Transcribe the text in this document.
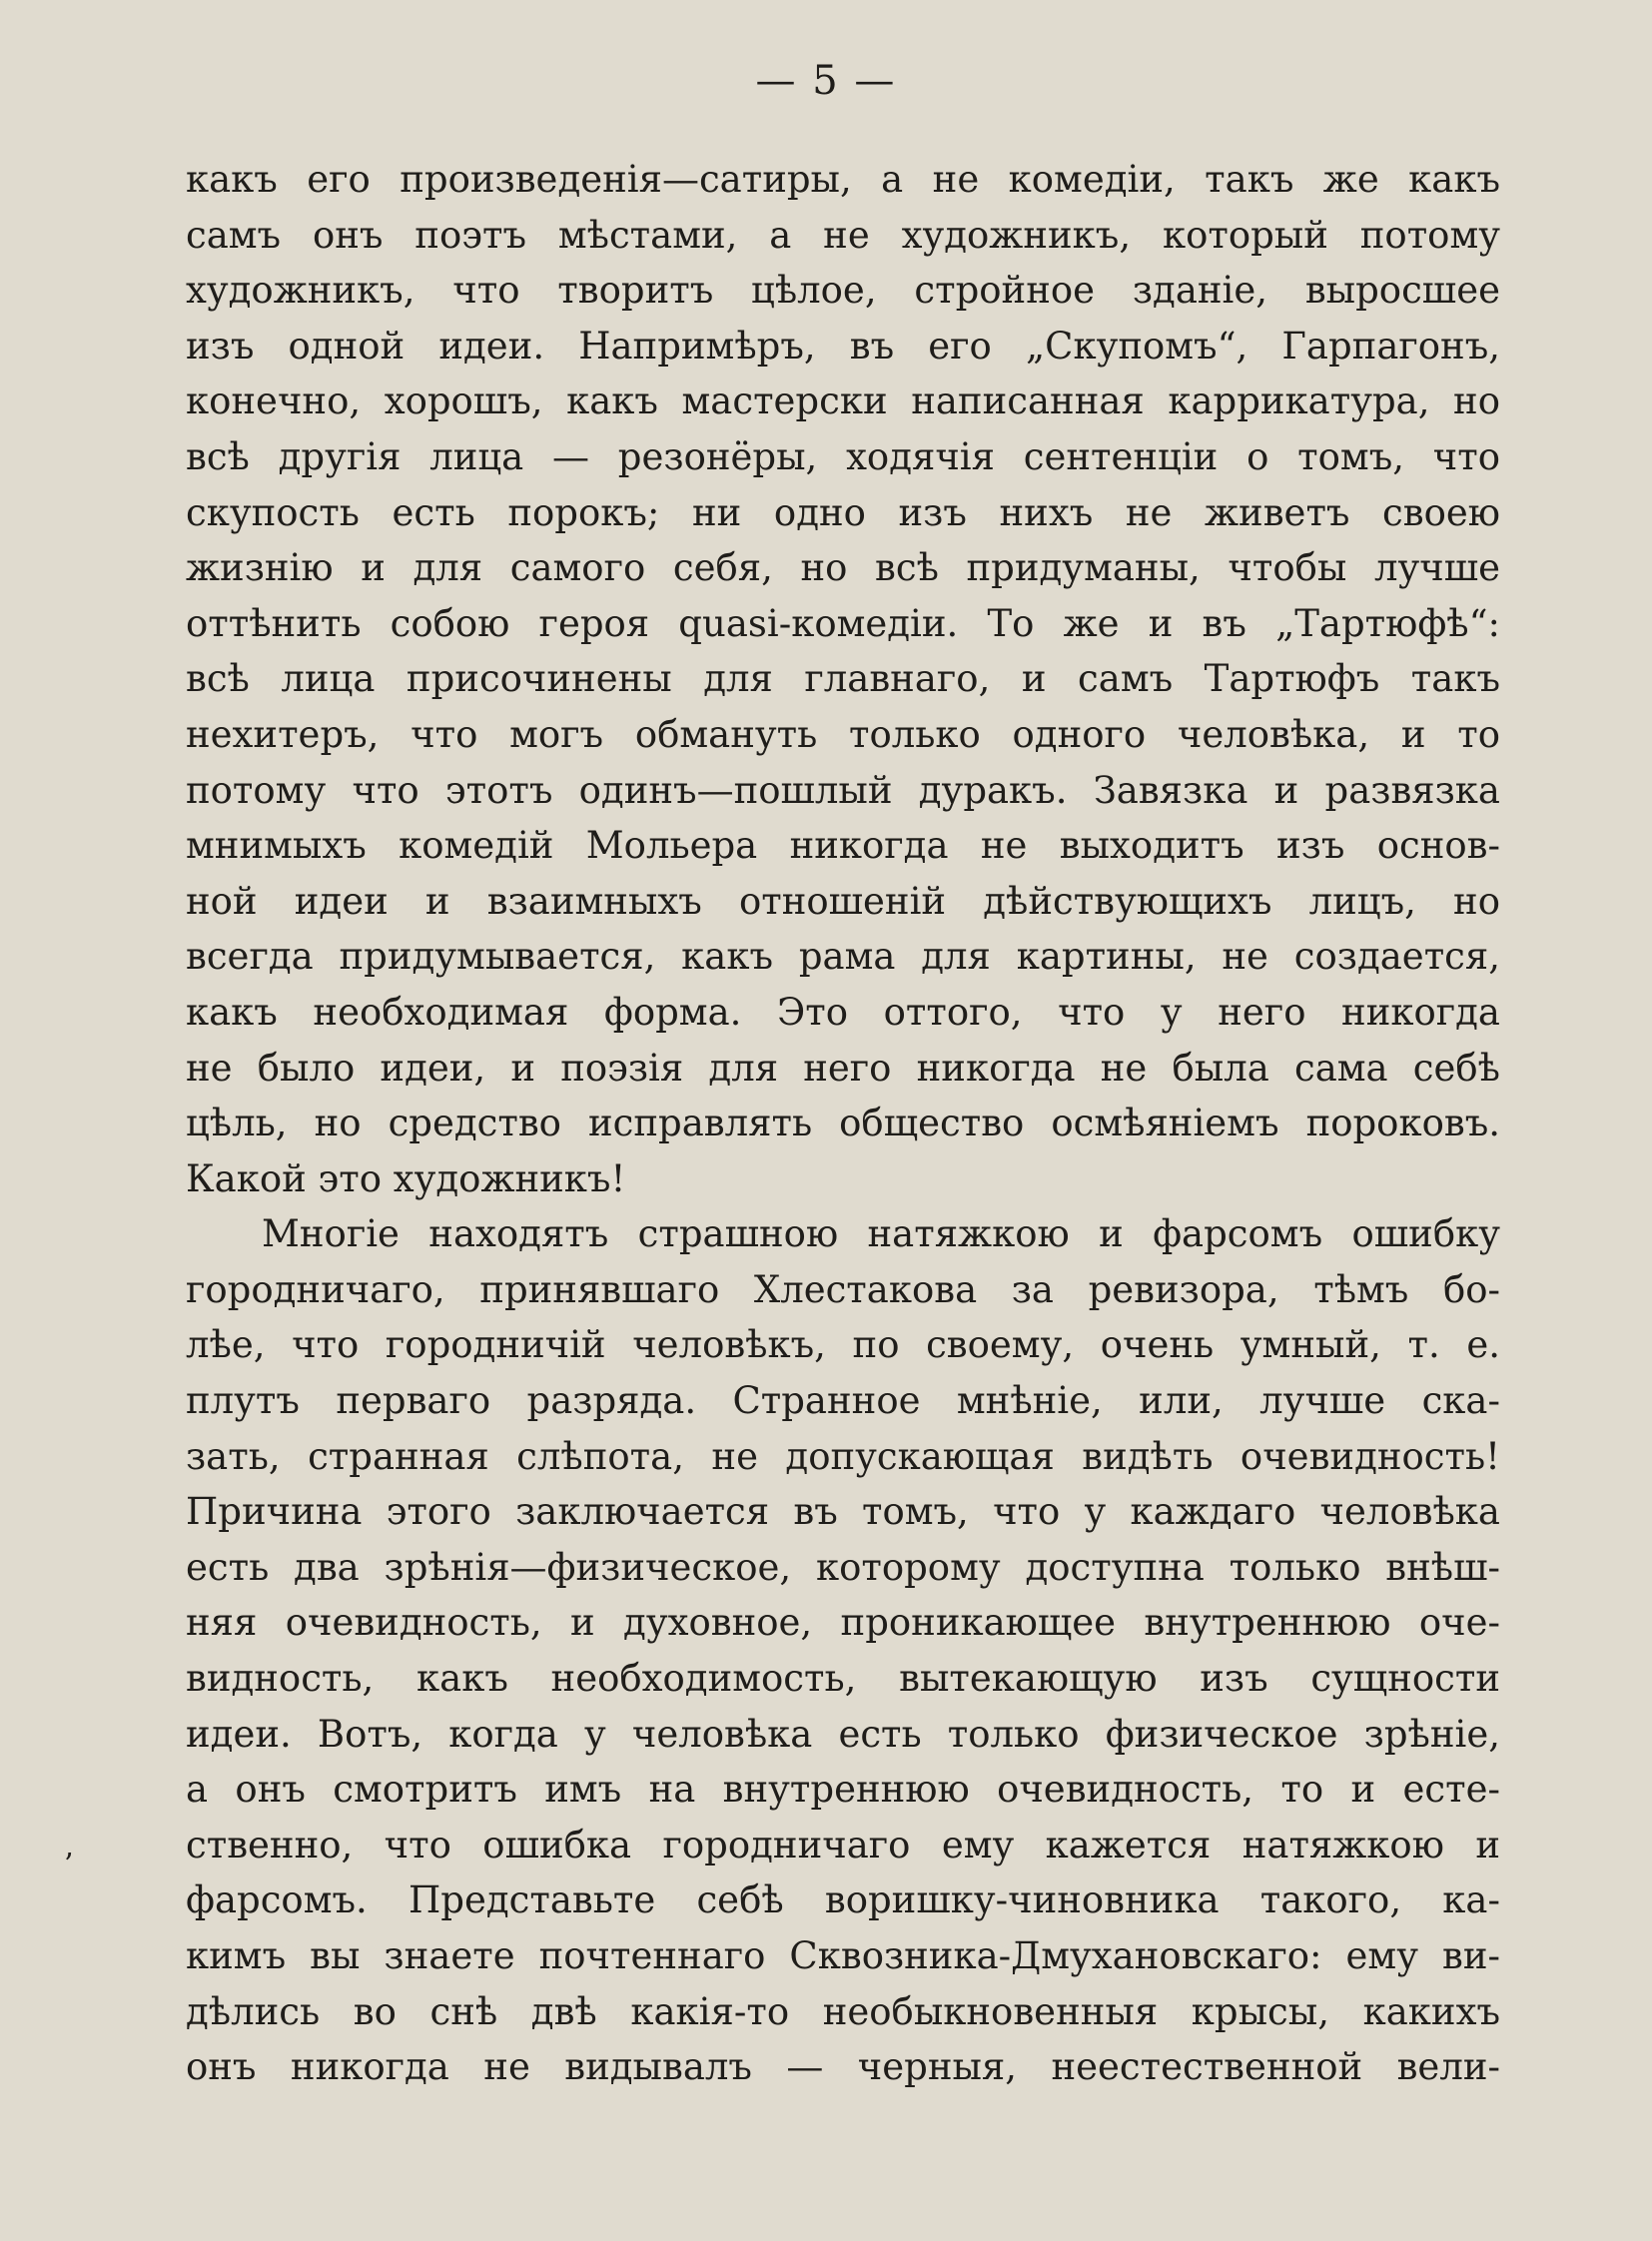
— 5 —
какъ его произведенія—сатиры, а не комедіи, такъ же какъ
самъ онъ поэтъ мѣстами, а не художникъ, который потому
художникъ, что творитъ цѣлое, стройное зданіе, выросшее
изъ одной идеи. Напримѣръ, въ его „Скупомъ“, Гарпагонъ,
конечно, хорошъ, какъ мастерски написанная каррикатура, но
всѣ другія лица — резонёры, ходячія сентенціи о томъ, что
скупость есть порокъ; ни одно изъ нихъ не живетъ своею
жизнію и для самого себя, но всѣ придуманы, чтобы лучше
оттѣнить собою героя quasi-комедіи. То же и въ „Тартюфѣ“:
всѣ лица присочинены для главнаго, и самъ Тартюфъ такъ
нехитеръ, что могъ обмануть только одного человѣка, и то
потому что этотъ одинъ—пошлый дуракъ. Завязка и развязка
мнимыхъ комедій Мольера никогда не выходитъ изъ основ-
ной идеи и взаимныхъ отношеній дѣйствующихъ лицъ, но
всегда придумывается, какъ рама для картины, не создается,
какъ необходимая форма. Это оттого, что у него никогда
не было идеи, и поэзія для него никогда не была сама себѣ
цѣль, но средство исправлять общество осмѣяніемъ пороковъ.
Какой это художникъ!
Многіе находятъ страшною натяжкою и фарсомъ ошибку
городничаго, принявшаго Хлестакова за ревизора, тѣмъ бо-
лѣе, что городничій человѣкъ, по своему, очень умный, т. е.
плутъ перваго разряда. Странное мнѣніе, или, лучше ска-
зать, странная слѣпота, не допускающая видѣть очевидность!
Причина этого заключается въ томъ, что у каждаго человѣка
есть два зрѣнія—физическое, которому доступна только внѣш-
няя очевидность, и духовное, проникающее внутреннюю оче-
видность, какъ необходимость, вытекающую изъ сущности
идеи. Вотъ, когда у человѣка есть только физическое зрѣніе,
а онъ смотритъ имъ на внутреннюю очевидность, то и есте-
ственно, что ошибка городничаго ему кажется натяжкою и
фарсомъ. Представьте себѣ воришку-чиновника такого, ка-
кимъ вы знаете почтеннаго Сквозника-Дмухановскаго: ему ви-
дѣлись во снѣ двѣ какія-то необыкновенныя крысы, какихъ
онъ никогда не видывалъ — черныя, неестественной вели-
’
